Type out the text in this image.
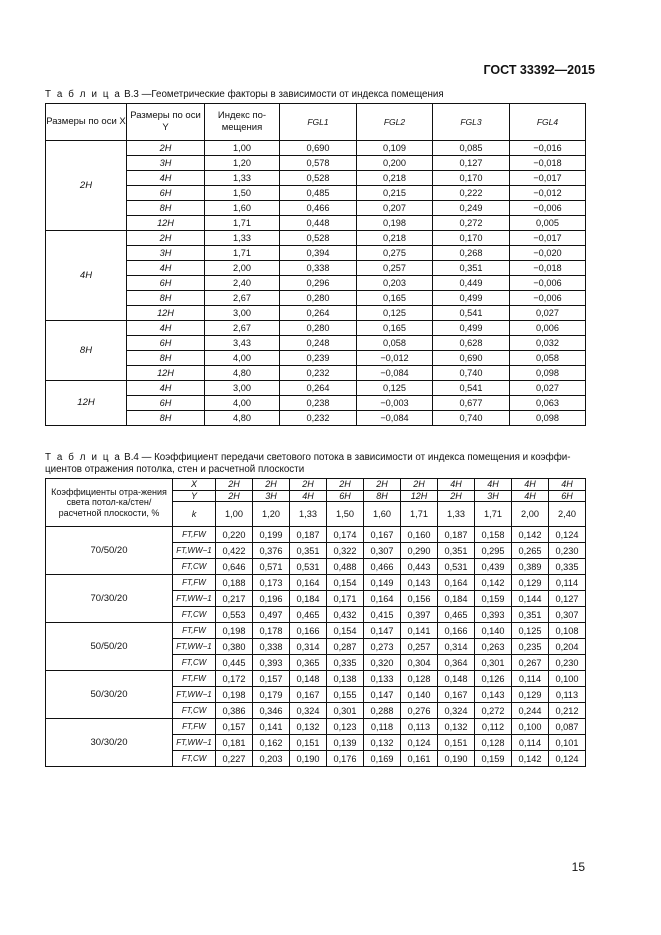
ГОСТ 33392—2015
Т а б л и ц а В.3 —Геометрические факторы в зависимости от индекса помещения
Размеры по оси X	Размеры по оси Y	Индекс по-мещения	FGL1	FGL2	FGL3	FGL4
2H	2H	1,00	0,690	0,109	0,085	−0,016
	3H	1,20	0,578	0,200	0,127	−0,018
	4H	1,33	0,528	0,218	0,170	−0,017
	6H	1,50	0,485	0,215	0,222	−0,012
	8H	1,60	0,466	0,207	0,249	−0,006
	12H	1,71	0,448	0,198	0,272	0,005
4H	2H	1,33	0,528	0,218	0,170	−0,017
	3H	1,71	0,394	0,275	0,268	−0,020
	4H	2,00	0,338	0,257	0,351	−0,018
	6H	2,40	0,296	0,203	0,449	−0,006
	8H	2,67	0,280	0,165	0,499	−0,006
	12H	3,00	0,264	0,125	0,541	0,027
8H	4H	2,67	0,280	0,165	0,499	0,006
	6H	3,43	0,248	0,058	0,628	0,032
	8H	4,00	0,239	−0,012	0,690	0,058
	12H	4,80	0,232	−0,084	0,740	0,098
12H	4H	3,00	0,264	0,125	0,541	0,027
	6H	4,00	0,238	−0,003	0,677	0,063
	8H	4,80	0,232	−0,084	0,740	0,098
Т а б л и ц а В.4 — Коэффициент передачи светового потока в зависимости от индекса помещения и коэффи-
циентов отражения потолка, стен и расчетной плоскости
Коэффициенты отра-жения света потол-ка/стен/расчетной плоскости, %	X	2H	2H	2H	2H	2H	2H	4H	4H	4H	4H
	Y	2H	3H	4H	6H	8H	12H	2H	3H	4H	6H
	k	1,00	1,20	1,33	1,50	1,60	1,71	1,33	1,71	2,00	2,40
70/50/20	FT,FW	0,220	0,199	0,187	0,174	0,167	0,160	0,187	0,158	0,142	0,124
	FT,WW−1	0,422	0,376	0,351	0,322	0,307	0,290	0,351	0,295	0,265	0,230
	FT,CW	0,646	0,571	0,531	0,488	0,466	0,443	0,531	0,439	0,389	0,335
70/30/20	FT,FW	0,188	0,173	0,164	0,154	0,149	0,143	0,164	0,142	0,129	0,114
	FT,WW−1	0,217	0,196	0,184	0,171	0,164	0,156	0,184	0,159	0,144	0,127
	FT,CW	0,553	0,497	0,465	0,432	0,415	0,397	0,465	0,393	0,351	0,307
50/50/20	FT,FW	0,198	0,178	0,166	0,154	0,147	0,141	0,166	0,140	0,125	0,108
	FT,WW−1	0,380	0,338	0,314	0,287	0,273	0,257	0,314	0,263	0,235	0,204
	FT,CW	0,445	0,393	0,365	0,335	0,320	0,304	0,364	0,301	0,267	0,230
50/30/20	FT,FW	0,172	0,157	0,148	0,138	0,133	0,128	0,148	0,126	0,114	0,100
	FT,WW−1	0,198	0,179	0,167	0,155	0,147	0,140	0,167	0,143	0,129	0,113
	FT,CW	0,386	0,346	0,324	0,301	0,288	0,276	0,324	0,272	0,244	0,212
30/30/20	FT,FW	0,157	0,141	0,132	0,123	0,118	0,113	0,132	0,112	0,100	0,087
	FT,WW−1	0,181	0,162	0,151	0,139	0,132	0,124	0,151	0,128	0,114	0,101
	FT,CW	0,227	0,203	0,190	0,176	0,169	0,161	0,190	0,159	0,142	0,124
15
